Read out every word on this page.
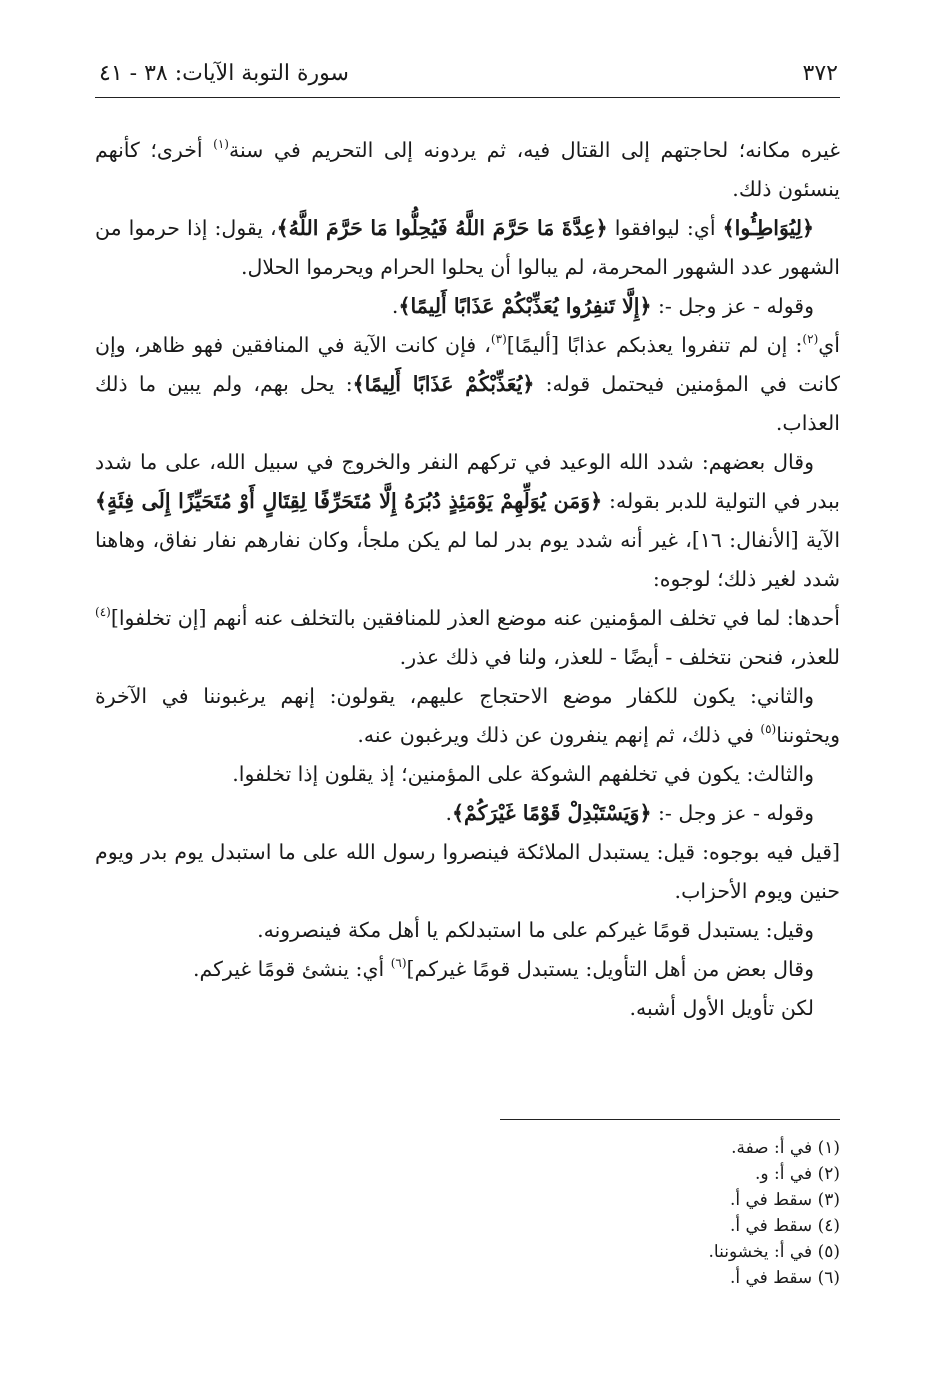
٣٧٢
سورة التوبة الآيات: ٣٨ - ٤١

غيره مكانه؛ لحاجتهم إلى القتال فيه، ثم يردونه إلى التحريم في سنة$^{(١)}$ أخرى؛ كأنهم ينسئون ذلك.

﴿لِيُوَاطِـُٔوا﴾ أي: ليوافقوا ﴿عِدَّةَ مَا حَرَّمَ اللَّهُ فَيُحِلُّوا مَا حَرَّمَ اللَّهُ﴾، يقول: إذا حرموا من الشهور عدد الشهور المحرمة، لم يبالوا أن يحلوا الحرام ويحرموا الحلال.

وقوله - عز وجل -: ﴿إِلَّا تَنفِرُوا يُعَذِّبْكُمْ عَذَابًا أَلِيمًا﴾.

أي$^{(٢)}$: إن لم تنفروا يعذبكم عذابًا [أليمًا]$^{(٣)}$، فإن كانت الآية في المنافقين فهو ظاهر، وإن كانت في المؤمنين فيحتمل قوله: ﴿يُعَذِّبْكُمْ عَذَابًا أَلِيمًا﴾: يحل بهم، ولم يبين ما ذلك العذاب.

وقال بعضهم: شدد الله الوعيد في تركهم النفر والخروج في سبيل الله، على ما شدد ببدر في التولية للدبر بقوله: ﴿وَمَن يُوَلِّهِمْ يَوْمَئِذٍ دُبُرَهُ إِلَّا مُتَحَرِّفًا لِقِتَالٍ أَوْ مُتَحَيِّزًا إِلَى فِئَةٍ﴾الآية [الأنفال: ١٦]، غير أنه شدد يوم بدر لما لم يكن ملجأ، وكان نفارهم نفار نفاق، وهاهنا شدد لغير ذلك؛ لوجوه:

أحدها: لما في تخلف المؤمنين عنه موضع العذر للمنافقين بالتخلف عنه أنهم [إن تخلفوا]$^{(٤)}$ للعذر، فنحن نتخلف - أيضًا - للعذر، ولنا في ذلك عذر.

والثاني: يكون للكفار موضع الاحتجاج عليهم، يقولون: إنهم يرغبوننا في الآخرة ويحثوننا$^{(٥)}$ في ذلك، ثم إنهم ينفرون عن ذلك ويرغبون عنه.

والثالث: يكون في تخلفهم الشوكة على المؤمنين؛ إذ يقلون إذا تخلفوا.

وقوله - عز وجل -: ﴿وَيَسْتَبْدِلْ قَوْمًا غَيْرَكُمْ﴾.

[قيل فيه بوجوه: قيل: يستبدل الملائكة فينصروا رسول الله على ما استبدل يوم بدر ويوم حنين ويوم الأحزاب.

وقيل: يستبدل قومًا غيركم على ما استبدلكم يا أهل مكة فينصرونه.

وقال بعض من أهل التأويل: يستبدل قومًا غيركم]$^{(٦)}$ أي: ينشئ قومًا غيركم.

لكن تأويل الأول أشبه.

(١) في أ: صفة.
(٢) في أ: و.
(٣) سقط في أ.
(٤) سقط في أ.
(٥) في أ: يخشوننا.
(٦) سقط في أ.
